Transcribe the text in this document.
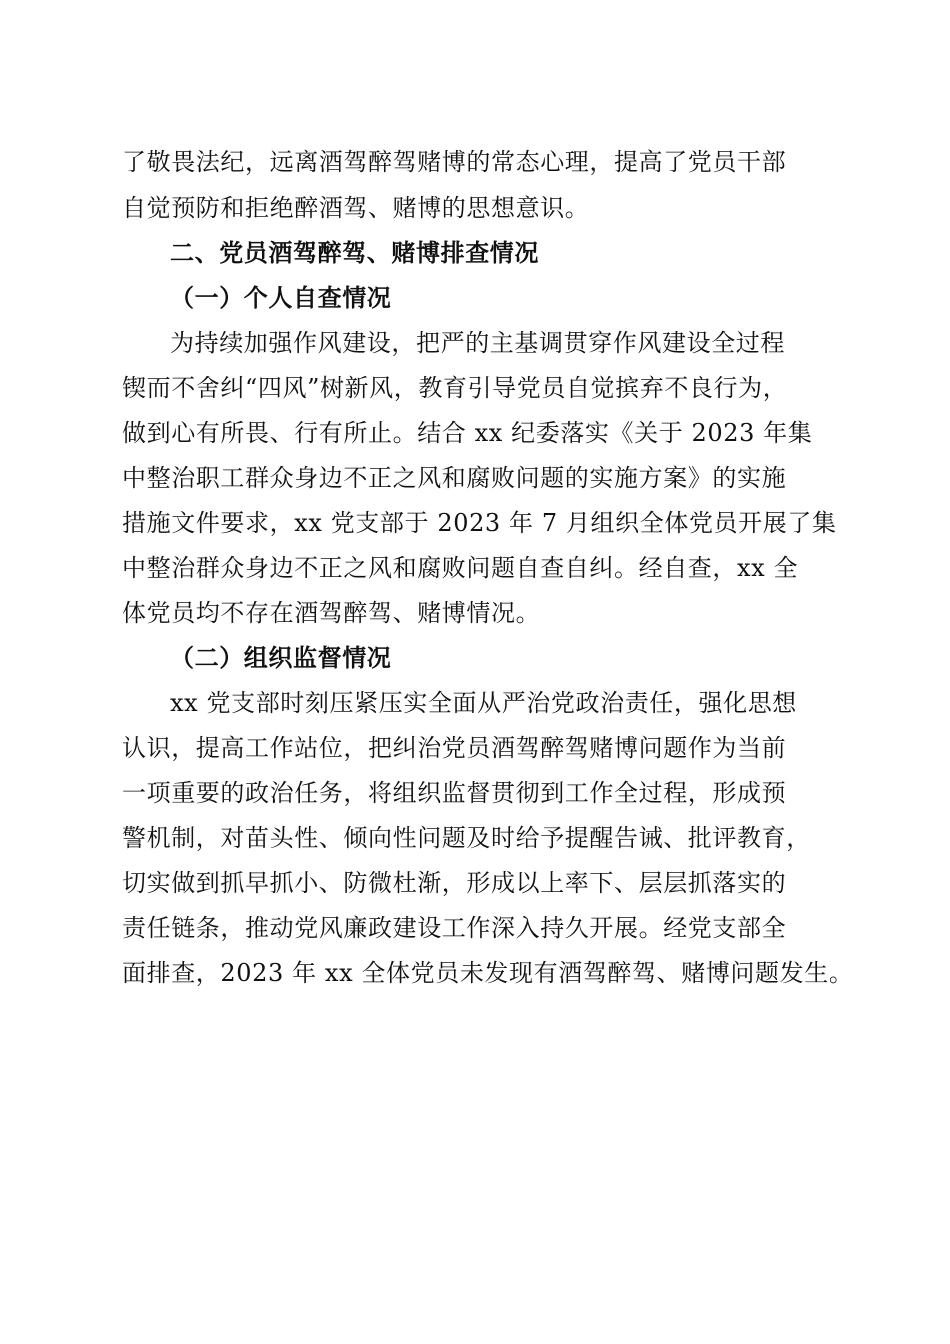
了敬畏法纪，远离酒驾醉驾赌博的常态心理，提高了党员干部
自觉预防和拒绝醉酒驾、赌博的思想意识。
二、党员酒驾醉驾、赌博排查情况
（一）个人自查情况
为持续加强作风建设，把严的主基调贯穿作风建设全过程
锲而不舍纠“四风”树新风，教育引导党员自觉摈弃不良行为，
做到心有所畏、行有所止。结合 xx 纪委落实《关于 2023 年集
中整治职工群众身边不正之风和腐败问题的实施方案》的实施
措施文件要求，xx 党支部于 2023 年 7 月组织全体党员开展了集
中整治群众身边不正之风和腐败问题自查自纠。经自查，xx 全
体党员均不存在酒驾醉驾、赌博情况。
（二）组织监督情况
xx 党支部时刻压紧压实全面从严治党政治责任，强化思想
认识，提高工作站位，把纠治党员酒驾醉驾赌博问题作为当前
一项重要的政治任务，将组织监督贯彻到工作全过程，形成预
警机制，对苗头性、倾向性问题及时给予提醒告诫、批评教育，
切实做到抓早抓小、防微杜渐，形成以上率下、层层抓落实的
责任链条，推动党风廉政建设工作深入持久开展。经党支部全
面排查，2023 年 xx 全体党员未发现有酒驾醉驾、赌博问题发生。
